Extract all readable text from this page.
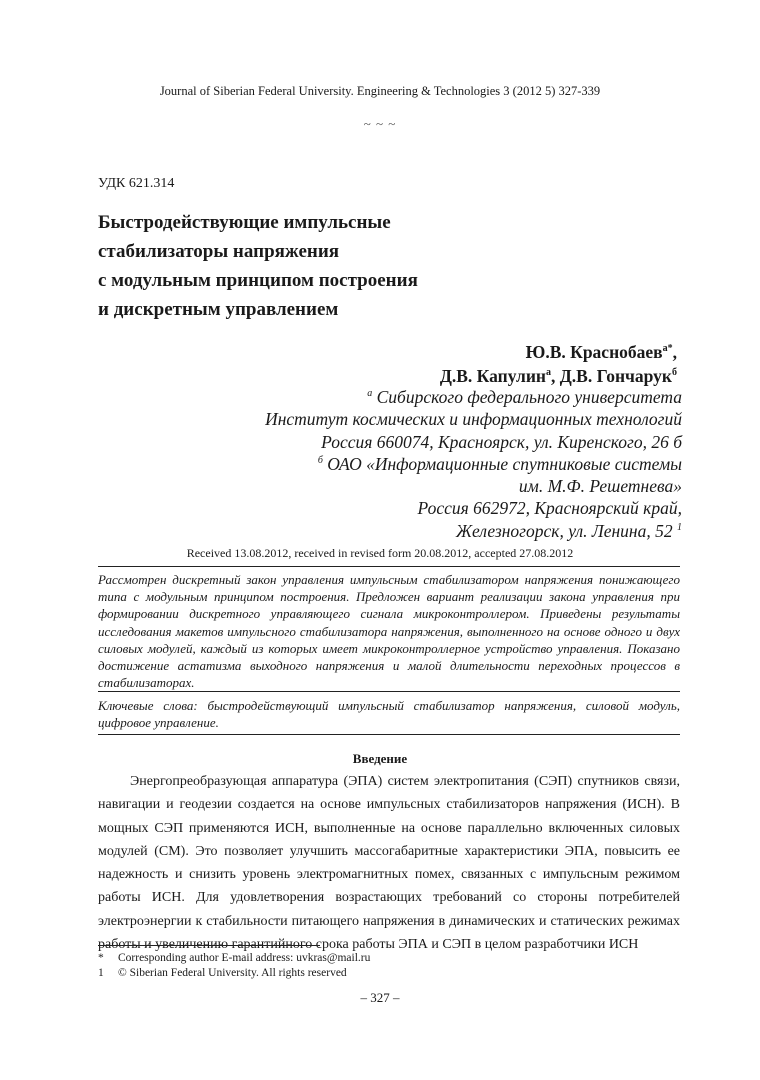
Journal of Siberian Federal University. Engineering & Technologies 3 (2012 5) 327-339
~ ~ ~
УДК 621.314
Быстродействующие импульсные
стабилизаторы напряжения
с модульным принципом построения
и дискретным управлением
Ю.В. Краснобаев$^{а*}$,
Д.В. Капулин$^а$, Д.В. Гончарук$^б$
$^а$ Сибирского федерального университета
Институт космических и информационных технологий
Россия 660074, Красноярск, ул. Киренского, 26 б
$^б$ ОАО «Информационные спутниковые системы
им. М.Ф. Решетнева»
Россия 662972, Красноярский край,
Железногорск, ул. Ленина, 52 $^1$
Received 13.08.2012, received in revised form 20.08.2012, accepted 27.08.2012

Рассмотрен дискретный закон управления импульсным стабилизатором напряжения понижающего типа с модульным принципом построения. Предложен вариант реализации закона управления при формировании дискретного управляющего сигнала микроконтроллером. Приведены результаты исследования макетов импульсного стабилизатора напряжения, выполненного на основе одного и двух силовых модулей, каждый из которых имеет микроконтроллерное устройство управления. Показано достижение астатизма выходного напряжения и малой длительности переходных процессов в стабилизаторах.

Ключевые слова: быстродействующий импульсный стабилизатор напряжения, силовой модуль, цифровое управление.

Введение

Энергопреобразующая аппаратура (ЭПА) систем электропитания (СЭП) спутников связи, навигации и геодезии создается на основе импульсных стабилизаторов напряжения (ИСН). В мощных СЭП применяются ИСН, выполненные на основе параллельно включенных силовых модулей (СМ). Это позволяет улучшить массогабаритные характеристики ЭПА, повысить ее надежность и снизить уровень электромагнитных помех, связанных с импульсным режимом работы ИСН. Для удовлетворения возрастающих требований со стороны потребителей электроэнергии к стабильности питающего напряжения в динамических и статических режимах работы и увеличению гарантийного срока работы ЭПА и СЭП в целом разработчики ИСН

*	Corresponding author E-mail address: uvkras@mail.ru
1	© Siberian Federal University. All rights reserved
– 327 –
